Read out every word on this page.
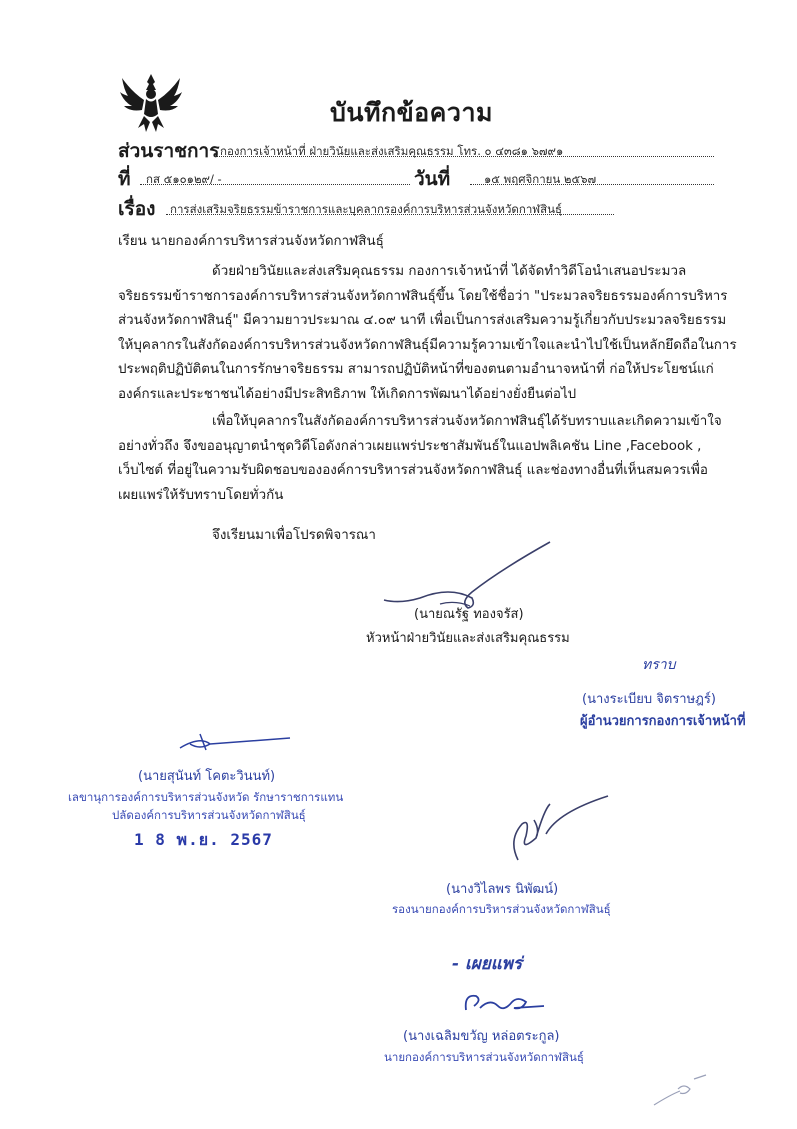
บันทึกข้อความ
ส่วนราชการ กองการเจ้าหน้าที่ ฝ่ายวินัยและส่งเสริมคุณธรรม โทร. ๐ ๔๓๘๑ ๖๗๙๑
ที่ กส ๕๑๐๑๒๙/ -	วันที่	๑๕ พฤศจิกายน ๒๕๖๗
เรื่อง การส่งเสริมจริยธรรมข้าราชการและบุคลากรองค์การบริหารส่วนจังหวัดกาฬสินธุ์
เรียน นายกองค์การบริหารส่วนจังหวัดกาฬสินธุ์
ด้วยฝ่ายวินัยและส่งเสริมคุณธรรม กองการเจ้าหน้าที่ ได้จัดทำวิดีโอนำเสนอประมวล
จริยธรรมข้าราชการองค์การบริหารส่วนจังหวัดกาฬสินธุ์ขึ้น โดยใช้ชื่อว่า "ประมวลจริยธรรมองค์การบริหาร
ส่วนจังหวัดกาฬสินธุ์" มีความยาวประมาณ ๔.๐๙ นาที เพื่อเป็นการส่งเสริมความรู้เกี่ยวกับประมวลจริยธรรม
ให้บุคลากรในสังกัดองค์การบริหารส่วนจังหวัดกาฬสินธุ์มีความรู้ความเข้าใจและนำไปใช้เป็นหลักยึดถือในการ
ประพฤติปฏิบัติตนในการรักษาจริยธรรม สามารถปฏิบัติหน้าที่ของตนตามอำนาจหน้าที่ ก่อให้ประโยชน์แก่
องค์กรและประชาชนได้อย่างมีประสิทธิภาพ ให้เกิดการพัฒนาได้อย่างยั่งยืนต่อไป
เพื่อให้บุคลากรในสังกัดองค์การบริหารส่วนจังหวัดกาฬสินธุ์ได้รับทราบและเกิดความเข้าใจ
อย่างทั่วถึง จึงขออนุญาตนำชุดวิดีโอดังกล่าวเผยแพร่ประชาสัมพันธ์ในแอปพลิเคชัน Line ,Facebook ,
เว็บไซต์ ที่อยู่ในความรับผิดชอบขององค์การบริหารส่วนจังหวัดกาฬสินธุ์ และช่องทางอื่นที่เห็นสมควรเพื่อ
เผยแพร่ให้รับทราบโดยทั่วกัน
จึงเรียนมาเพื่อโปรดพิจารณา
(นายณรัฐ ทองจรัส)
หัวหน้าฝ่ายวินัยและส่งเสริมคุณธรรม
ทราบ
(นางระเบียบ จิตราษฎร์)
ผู้อำนวยการกองการเจ้าหน้าที่
(นายสุนันท์ โคตะวินนท์)
เลขานุการองค์การบริหารส่วนจังหวัด รักษาราชการแทน
ปลัดองค์การบริหารส่วนจังหวัดกาฬสินธุ์
1 8 พ.ย. 2567
(นางวิไลพร นิพัฒน์)
รองนายกองค์การบริหารส่วนจังหวัดกาฬสินธุ์
- เผยแพร่
(นางเฉลิมขวัญ หล่อตระกูล)
นายกองค์การบริหารส่วนจังหวัดกาฬสินธุ์
